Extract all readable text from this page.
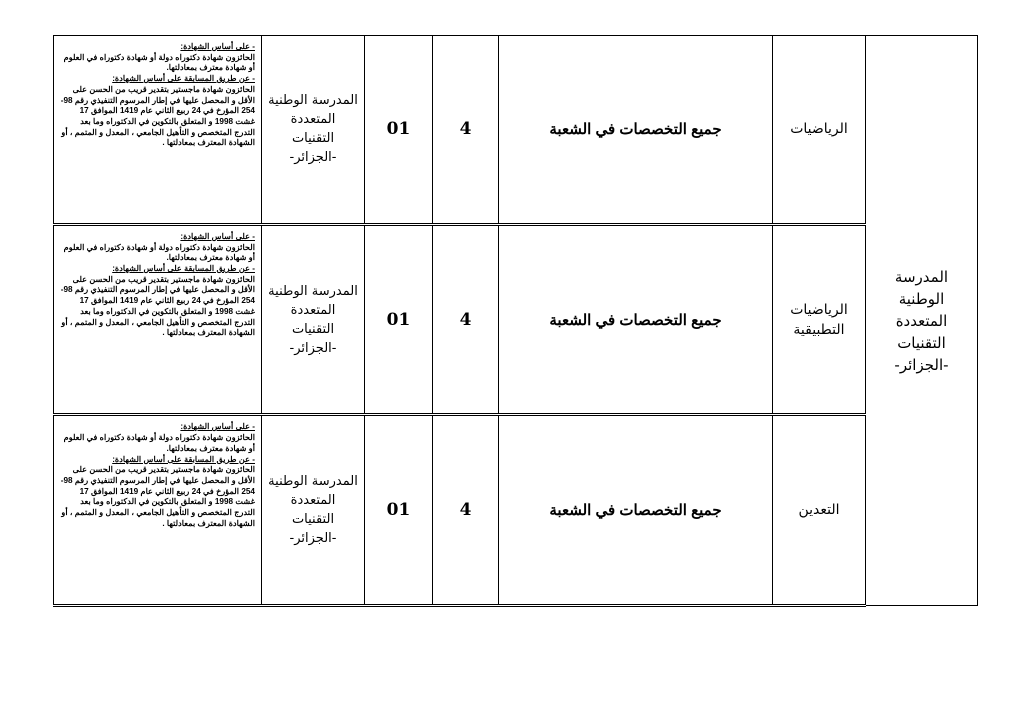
المدرسة الوطنية المتعددة التقنيات -الجزائر-	الرياضيات	جميع التخصصات في الشعبة	4	01	المدرسة الوطنية المتعددة التقنيات -الجزائر-	- على أساس الشهادة:
الحائزون شهادة دكتوراه دولة أو شهادة دكتوراه في العلوم
أو شهادة معترف بمعادلتها.
- عن طريق المسابقة على أساس الشهادة:
الحائزون شهادة ماجستير بتقدير قريب من الحسن على الأقل و المحصل عليها في إطار المرسوم التنفيذي رقم 98-254 المؤرخ في 24 ربيع الثاني عام 1419 الموافق 17 غشت 1998 و المتعلق بالتكوين في الدكتوراه وما بعد التدرج المتخصص و التأهيل الجامعي ، المعدل و المتمم ، أو الشهادة المعترف بمعادلتها .

	الرياضيات التطبيقية	جميع التخصصات في الشعبة	4	01	المدرسة الوطنية المتعددة التقنيات -الجزائر-	- على أساس الشهادة:
الحائزون شهادة دكتوراه دولة أو شهادة دكتوراه في العلوم
أو شهادة معترف بمعادلتها.
- عن طريق المسابقة على أساس الشهادة:
الحائزون شهادة ماجستير بتقدير قريب من الحسن على الأقل و المحصل عليها في إطار المرسوم التنفيذي رقم 98-254 المؤرخ في 24 ربيع الثاني عام 1419 الموافق 17 غشت 1998 و المتعلق بالتكوين في الدكتوراه وما بعد التدرج المتخصص و التأهيل الجامعي ، المعدل و المتمم ، أو الشهادة المعترف بمعادلتها .

	التعدين	جميع التخصصات في الشعبة	4	01	المدرسة الوطنية المتعددة التقنيات -الجزائر-	- على أساس الشهادة:
الحائزون شهادة دكتوراه دولة أو شهادة دكتوراه في العلوم
أو شهادة معترف بمعادلتها.
- عن طريق المسابقة على أساس الشهادة:
الحائزون شهادة ماجستير بتقدير قريب من الحسن على الأقل و المحصل عليها في إطار المرسوم التنفيذي رقم 98-254 المؤرخ في 24 ربيع الثاني عام 1419 الموافق 17 غشت 1998 و المتعلق بالتكوين في الدكتوراه وما بعد التدرج المتخصص و التأهيل الجامعي ، المعدل و المتمم ، أو الشهادة المعترف بمعادلتها .
